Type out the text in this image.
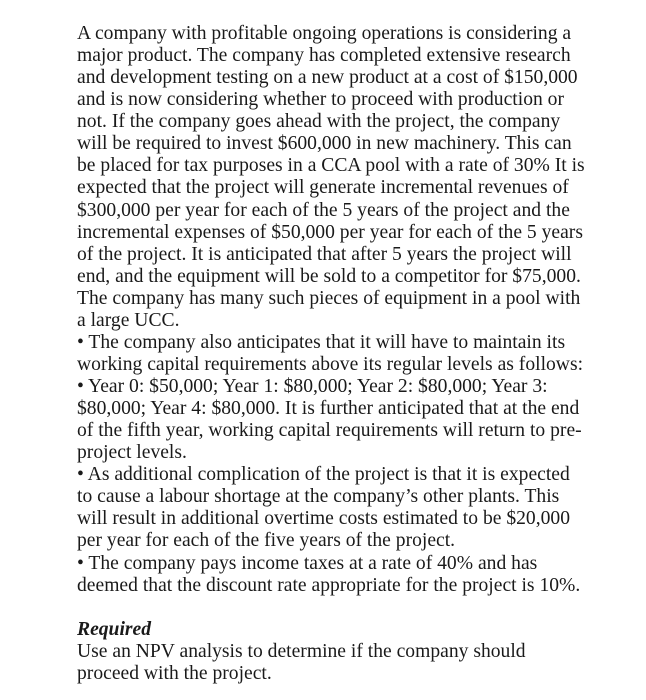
A company with profitable ongoing operations is considering a
major product. The company has completed extensive research
and development testing on a new product at a cost of $150,000
and is now considering whether to proceed with production or
not. If the company goes ahead with the project, the company
will be required to invest $600,000 in new machinery. This can
be placed for tax purposes in a CCA pool with a rate of 30% It is
expected that the project will generate incremental revenues of
$300,000 per year for each of the 5 years of the project and the
incremental expenses of $50,000 per year for each of the 5 years
of the project. It is anticipated that after 5 years the project will
end, and the equipment will be sold to a competitor for $75,000.
The company has many such pieces of equipment in a pool with
a large UCC.
• The company also anticipates that it will have to maintain its
working capital requirements above its regular levels as follows:
• Year 0: $50,000; Year 1: $80,000; Year 2: $80,000; Year 3:
$80,000; Year 4: $80,000. It is further anticipated that at the end
of the fifth year, working capital requirements will return to pre-
project levels.
• As additional complication of the project is that it is expected
to cause a labour shortage at the company’s other plants. This
will result in additional overtime costs estimated to be $20,000
per year for each of the five years of the project.
• The company pays income taxes at a rate of 40% and has
deemed that the discount rate appropriate for the project is 10%.
Required
Use an NPV analysis to determine if the company should
proceed with the project.
